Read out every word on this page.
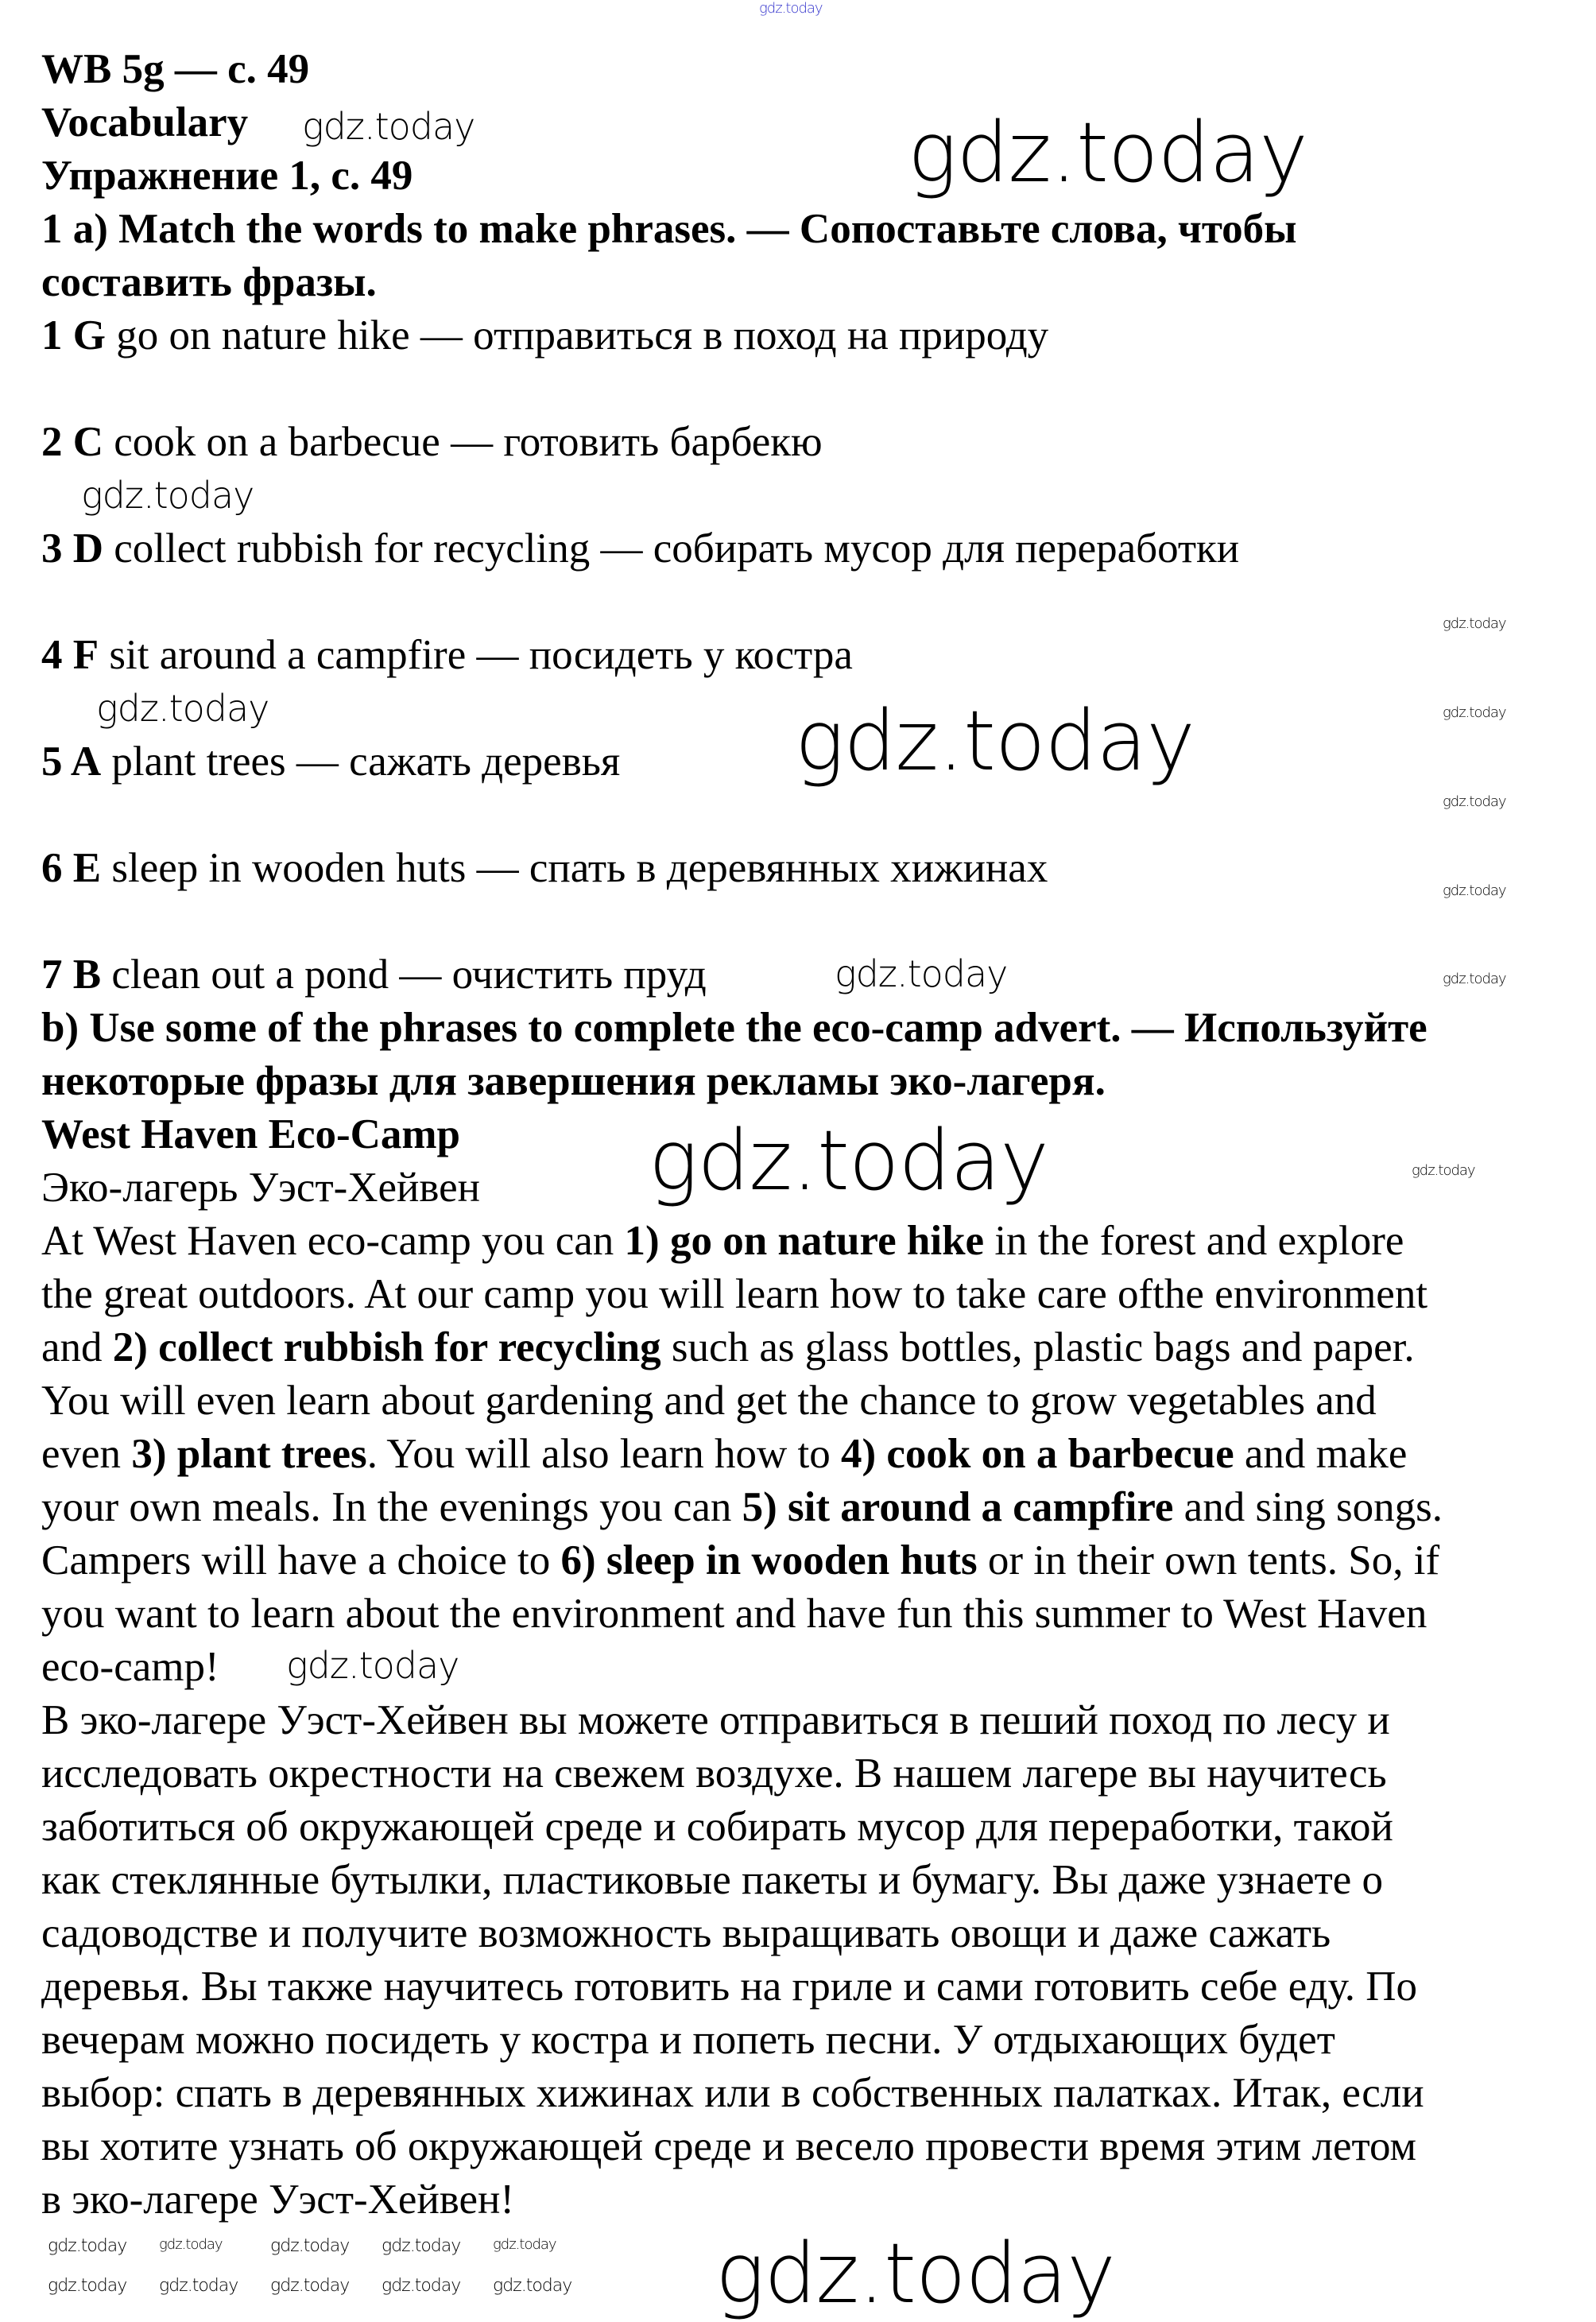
WB 5g — с. 49
Vocabulary
Упражнение 1, с. 49
1 a) Match the words to make phrases. — Сопоставьте слова, чтобы
составить фразы.
1 G go on nature hike — отправиться в поход на природу
2 C cook on a barbecue — готовить барбекю
3 D collect rubbish for recycling — собирать мусор для переработки
4 F sit around a campfire — посидеть у костра
5 A plant trees — сажать деревья
6 E sleep in wooden huts — спать в деревянных хижинах
7 B clean out a pond — очистить пруд
b) Use some of the phrases to complete the eco-camp advert. — Используйте
некоторые фразы для завершения рекламы эко-лагеря.
West Haven Eco-Camp
Эко-лагерь Уэст-Хейвен
At West Haven eco-camp you can 1) go on nature hike in the forest and explore
the great outdoors. At our camp you will learn how to take care ofthe environment
and 2) collect rubbish for recycling such as glass bottles, plastic bags and paper.
You will even learn about gardening and get the chance to grow vegetables and
even 3) plant trees. You will also learn how to 4) cook on a barbecue and make
your own meals. In the evenings you can 5) sit around a campfire and sing songs.
Campers will have a choice to 6) sleep in wooden huts or in their own tents. So, if
you want to learn about the environment and have fun this summer to West Haven
eco-camp!
В эко-лагере Уэст-Хейвен вы можете отправиться в пеший поход по лесу и
исследовать окрестности на свежем воздухе. В нашем лагере вы научитесь
заботиться об окружающей среде и собирать мусор для переработки, такой
как стеклянные бутылки, пластиковые пакеты и бумагу. Вы даже узнаете о
садоводстве и получите возможность выращивать овощи и даже сажать
деревья. Вы также научитесь готовить на гриле и сами готовить себе еду. По
вечерам можно посидеть у костра и попеть песни. У отдыхающих будет
выбор: спать в деревянных хижинах или в собственных палатках. Итак, если
вы хотите узнать об окружающей среде и весело провести время этим летом
в эко-лагере Уэст-Хейвен!
gdz.today
gdz.today	gdz.today
gdz.today
gdz.today	gdz.today
gdz.today
gdz.today
gdz.today
gdz.today
gdz.today
gdz.today
gdz.today
gdz.today
gdz.today
gdz.today
gdz.today gdz.today	gdz.today gdz.today gdz.today
gdz.today gdz.today gdz.today gdz.today gdz.today
